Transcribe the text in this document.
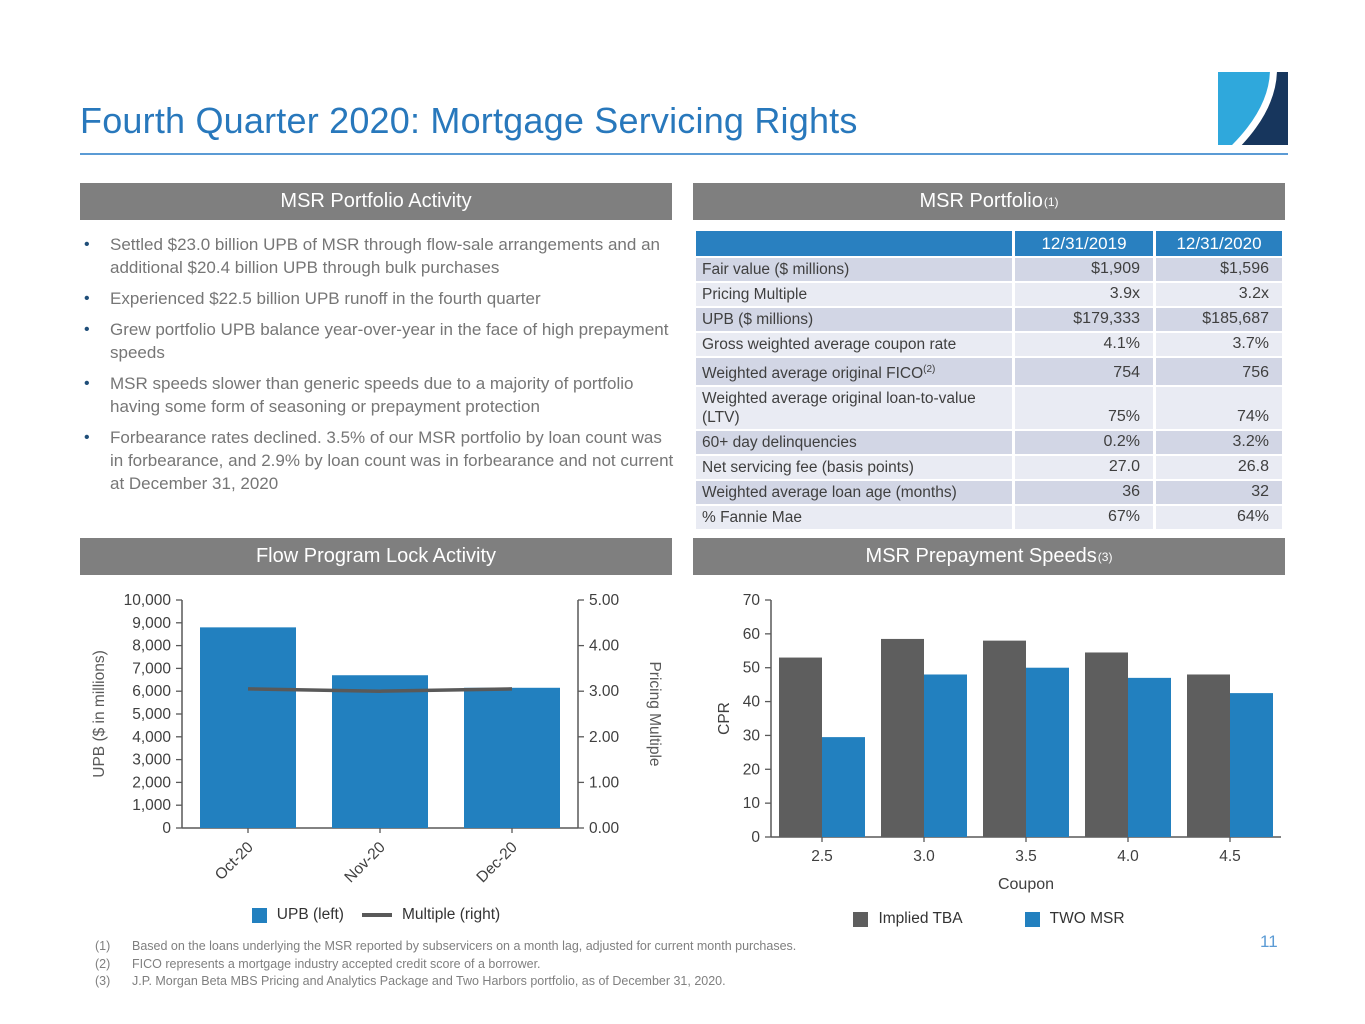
Fourth Quarter 2020: Mortgage Servicing Rights
MSR Portfolio Activity	MSR Portfolio (1)
•	Settled $23.0 billion UPB of MSR through flow-sale arrangements and an additional $20.4 billion UPB through bulk purchases
•	Experienced $22.5 billion UPB runoff in the fourth quarter
•	Grew portfolio UPB balance year-over-year in the face of high prepayment speeds
•	MSR speeds slower than generic speeds due to a majority of portfolio having some form of seasoning or prepayment protection
•	Forbearance rates declined. 3.5% of our MSR portfolio by loan count was in forbearance, and 2.9% by loan count was in forbearance and not current at December 31, 2020
	12/31/2019	12/31/2020
Fair value ($ millions)	$1,909	$1,596
Pricing Multiple	3.9x	3.2x
UPB ($ millions)	$179,333	$185,687
Gross weighted average coupon rate	4.1%	3.7%
Weighted average original FICO$^{(2)}$	754	756
Weighted average original loan-to-value (LTV)	75%	74%
60+ day delinquencies	0.2%	3.2%
Net servicing fee (basis points)	27.0	26.8
Weighted average loan age (months)	36	32
% Fannie Mae	67%	64%
Flow Program Lock Activity	MSR Prepayment Speeds (3)
0
1,000
2,000
3,000
4,000
5,000
6,000
7,000
8,000
9,000
10,000
0.00
1.00
2.00
3.00
4.00
5.00
Oct-20	Nov-20	Dec-20
UPB ($ in millions)	Pricing Multiple
0
10
20
30
40
50
60
70
2.5	3.0	3.5	4.0	4.5
Coupon
CPR
UPB (left)	Multiple (right)	Implied TBA	TWO MSR
(1)	Based on the loans underlying the MSR reported by subservicers on a month lag, adjusted for current month purchases.
(2)	FICO represents a mortgage industry accepted credit score of a borrower.
(3)	J.P. Morgan Beta MBS Pricing and Analytics Package and Two Harbors portfolio, as of December 31, 2020.
11
